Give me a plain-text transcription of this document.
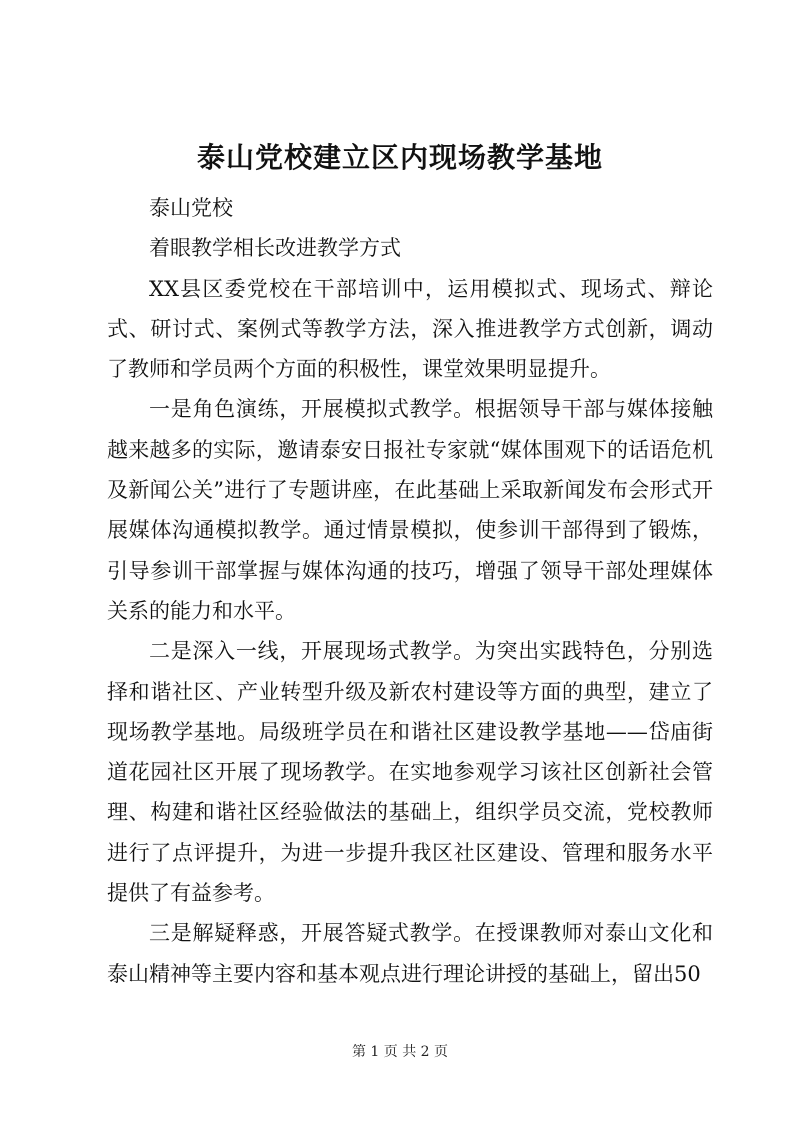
泰山党校建立区内现场教学基地

泰山党校

着眼教学相长改进教学方式

XX县区委党校在干部培训中，运用模拟式、现场式、辩论式、研讨式、案例式等教学方法，深入推进教学方式创新，调动了教师和学员两个方面的积极性，课堂效果明显提升。

一是角色演练，开展模拟式教学。根据领导干部与媒体接触越来越多的实际，邀请泰安日报社专家就“媒体围观下的话语危机及新闻公关”进行了专题讲座，在此基础上采取新闻发布会形式开展媒体沟通模拟教学。通过情景模拟，使参训干部得到了锻炼，引导参训干部掌握与媒体沟通的技巧，增强了领导干部处理媒体关系的能力和水平。

二是深入一线，开展现场式教学。为突出实践特色，分别选择和谐社区、产业转型升级及新农村建设等方面的典型，建立了现场教学基地。局级班学员在和谐社区建设教学基地——岱庙街道花园社区开展了现场教学。在实地参观学习该社区创新社会管理、构建和谐社区经验做法的基础上，组织学员交流，党校教师进行了点评提升，为进一步提升我区社区建设、管理和服务水平提供了有益参考。

三是解疑释惑，开展答疑式教学。在授课教师对泰山文化和泰山精神等主要内容和基本观点进行理论讲授的基础上，留出50

第 1 页 共 2 页
